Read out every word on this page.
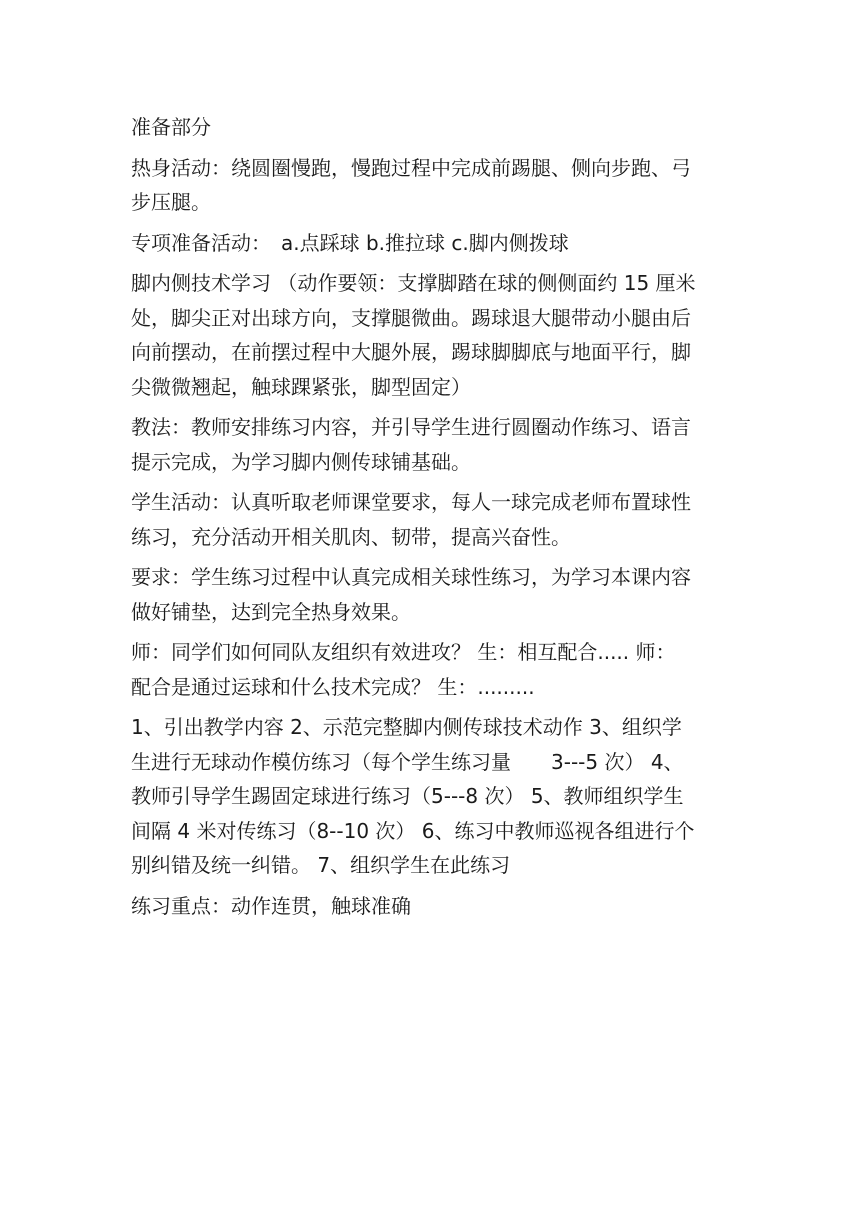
准备部分

热身活动：绕圆圈慢跑，慢跑过程中完成前踢腿、侧向步跑、弓
步压腿。

专项准备活动：　a.点踩球 b.推拉球 c.脚内侧拨球

脚内侧技术学习 （动作要领：支撑脚踏在球的侧侧面约 15 厘米
处，脚尖正对出球方向，支撑腿微曲。踢球退大腿带动小腿由后
向前摆动，在前摆过程中大腿外展，踢球脚脚底与地面平行，脚
尖微微翘起，触球踝紧张，脚型固定）

教法：教师安排练习内容，并引导学生进行圆圈动作练习、语言
提示完成，为学习脚内侧传球铺基础。

学生活动：认真听取老师课堂要求，每人一球完成老师布置球性
练习，充分活动开相关肌肉、韧带，提高兴奋性。

要求：学生练习过程中认真完成相关球性练习，为学习本课内容
做好铺垫，达到完全热身效果。

师：同学们如何同队友组织有效进攻？ 生：相互配合..... 师：
配合是通过运球和什么技术完成？ 生：.........

1、引出教学内容 2、示范完整脚内侧传球技术动作 3、组织学
生进行无球动作模仿练习（每个学生练习量　　3---5 次） 4、
教师引导学生踢固定球进行练习（5---8 次） 5、教师组织学生
间隔 4 米对传练习（8--10 次） 6、练习中教师巡视各组进行个
别纠错及统一纠错。 7、组织学生在此练习

练习重点：动作连贯，触球准确
